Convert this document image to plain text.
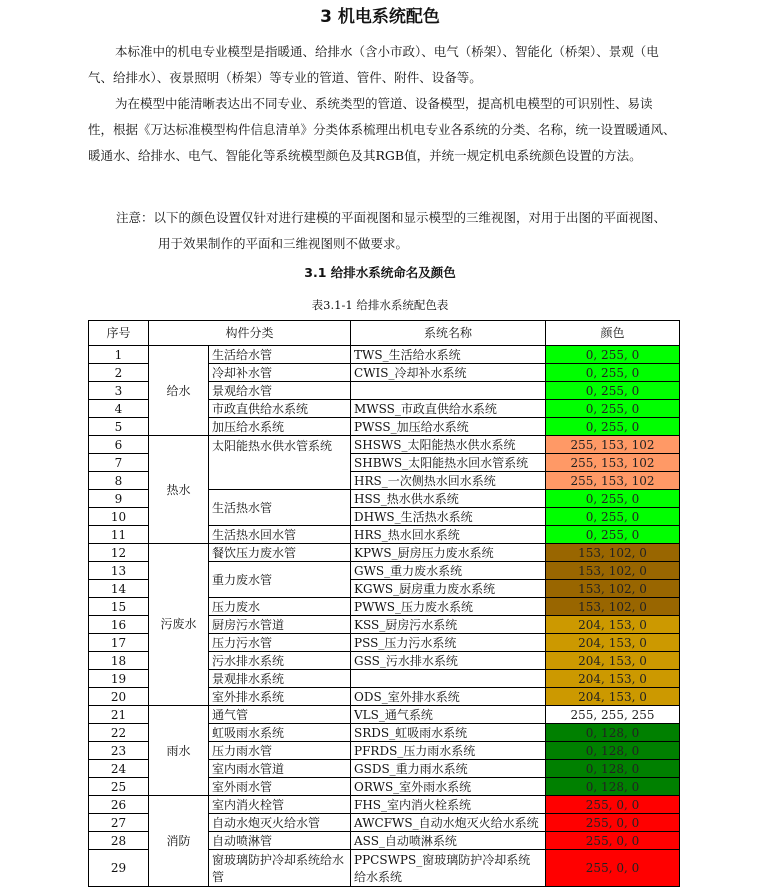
3 机电系统配色

本标准中的机电专业模型是指暖通、给排水（含小市政）、电气（桥架）、智能化（桥架）、景观（电气、给排水）、夜景照明（桥架）等专业的管道、管件、附件、设备等。

为在模型中能清晰表达出不同专业、系统类型的管道、设备模型，提高机电模型的可识别性、易读性，根据《万达标准模型构件信息清单》分类体系梳理出机电专业各系统的分类、名称，统一设置暖通风、暖通水、给排水、电气、智能化等系统模型颜色及其RGB值，并统一规定机电系统颜色设置的方法。

注意：以下的颜色设置仅针对进行建模的平面视图和显示模型的三维视图，对用于出图的平面视图、用于效果制作的平面和三维视图则不做要求。

3.1 给排水系统命名及颜色

表3.1-1 给排水系统配色表

序号	构件分类		系统名称	颜色
1	给水	生活给水管	TWS_生活给水系统	0, 255, 0
2		冷却补水管	CWIS_冷却补水系统	0, 255, 0
3		景观给水管		0, 255, 0
4		市政直供给水系统	MWSS_市政直供给水系统	0, 255, 0
5		加压给水系统	PWSS_加压给水系统	0, 255, 0
6	热水	太阳能热水供水管系统	SHSWS_太阳能热水供水系统	255, 153, 102
7			SHBWS_太阳能热水回水管系统	255, 153, 102
8			HRS_一次侧热水回水系统	255, 153, 102
9		生活热水管	HSS_热水供水系统	0, 255, 0
10			DHWS_生活热水系统	0, 255, 0
11		生活热水回水管	HRS_热水回水系统	0, 255, 0
12	污废水	餐饮压力废水管	KPWS_厨房压力废水系统	153, 102, 0
13		重力废水管	GWS_重力废水系统	153, 102, 0
14			KGWS_厨房重力废水系统	153, 102, 0
15		压力废水	PWWS_压力废水系统	153, 102, 0
16		厨房污水管道	KSS_厨房污水系统	204, 153, 0
17		压力污水管	PSS_压力污水系统	204, 153, 0
18		污水排水系统	GSS_污水排水系统	204, 153, 0
19		景观排水系统		204, 153, 0
20		室外排水系统	ODS_室外排水系统	204, 153, 0
21	雨水	通气管	VLS_通气系统	255, 255, 255
22		虹吸雨水系统	SRDS_虹吸雨水系统	0, 128, 0
23		压力雨水管	PFRDS_压力雨水系统	0, 128, 0
24		室内雨水管道	GSDS_重力雨水系统	0, 128, 0
25		室外雨水管	ORWS_室外雨水系统	0, 128, 0
26	消防	室内消火栓管	FHS_室内消火栓系统	255, 0, 0
27		自动水炮灭火给水管	AWCFWS_自动水炮灭火给水系统	255, 0, 0
28		自动喷淋管	ASS_自动喷淋系统	255, 0, 0
29		窗玻璃防护冷却系统给水管	PPCSWPS_窗玻璃防护冷却系统给水系统	255, 0, 0
